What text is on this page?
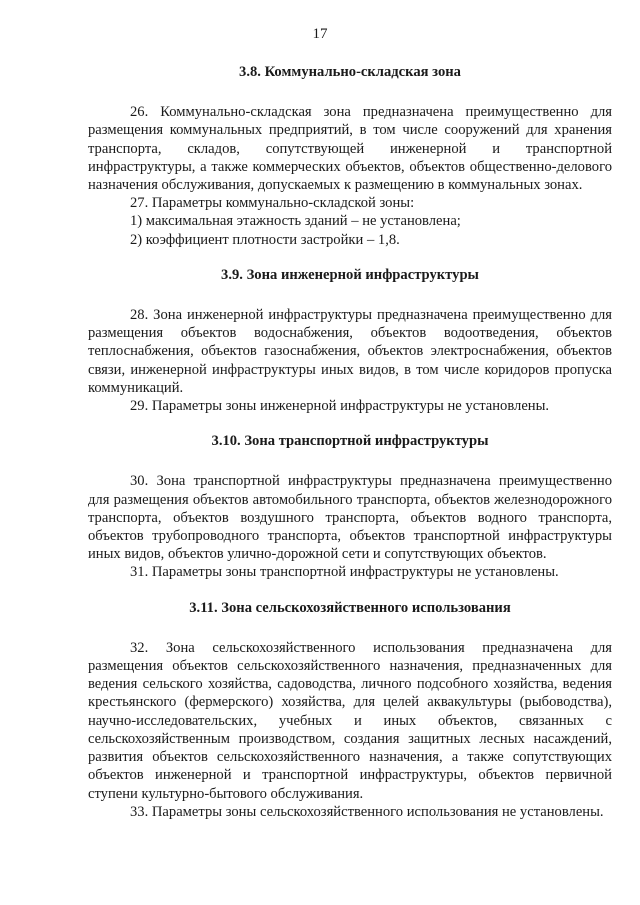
17
3.8. Коммунально-складская зона

26. Коммунально-складская зона предназначена преимущественно для размещения коммунальных предприятий, в том числе сооружений для хранения транспорта, складов, сопутствующей инженерной и транспортной инфраструктуры, а также коммерческих объектов, объектов общественно-делового назначения обслуживания, допускаемых к размещению в коммунальных зонах.

27. Параметры коммунально-складской зоны:

1) максимальная этажность зданий – не установлена;

2) коэффициент плотности застройки – 1,8.

3.9. Зона инженерной инфраструктуры

28. Зона инженерной инфраструктуры предназначена преимущественно для размещения объектов водоснабжения, объектов водоотведения, объектов теплоснабжения, объектов газоснабжения, объектов электроснабжения, объектов связи, инженерной инфраструктуры иных видов, в том числе коридоров пропуска коммуникаций.

29. Параметры зоны инженерной инфраструктуры не установлены.

3.10. Зона транспортной инфраструктуры

30. Зона транспортной инфраструктуры предназначена преимущественно для размещения объектов автомобильного транспорта, объектов железнодорожного транспорта, объектов воздушного транспорта, объектов водного транспорта, объектов трубопроводного транспорта, объектов транспортной инфраструктуры иных видов, объектов улично-дорожной сети и сопутствующих объектов.

31. Параметры зоны транспортной инфраструктуры не установлены.

3.11. Зона сельскохозяйственного использования

32. Зона сельскохозяйственного использования предназначена для размещения объектов сельскохозяйственного назначения, предназначенных для ведения сельского хозяйства, садоводства, личного подсобного хозяйства, ведения крестьянского (фермерского) хозяйства, для целей аквакультуры (рыбоводства), научно-исследовательских, учебных и иных объектов, связанных с сельскохозяйственным производством, создания защитных лесных насаждений, развития объектов сельскохозяйственного назначения, а также сопутствующих объектов инженерной и транспортной инфраструктуры, объектов первичной ступени культурно-бытового обслуживания.

33. Параметры зоны сельскохозяйственного использования не установлены.
